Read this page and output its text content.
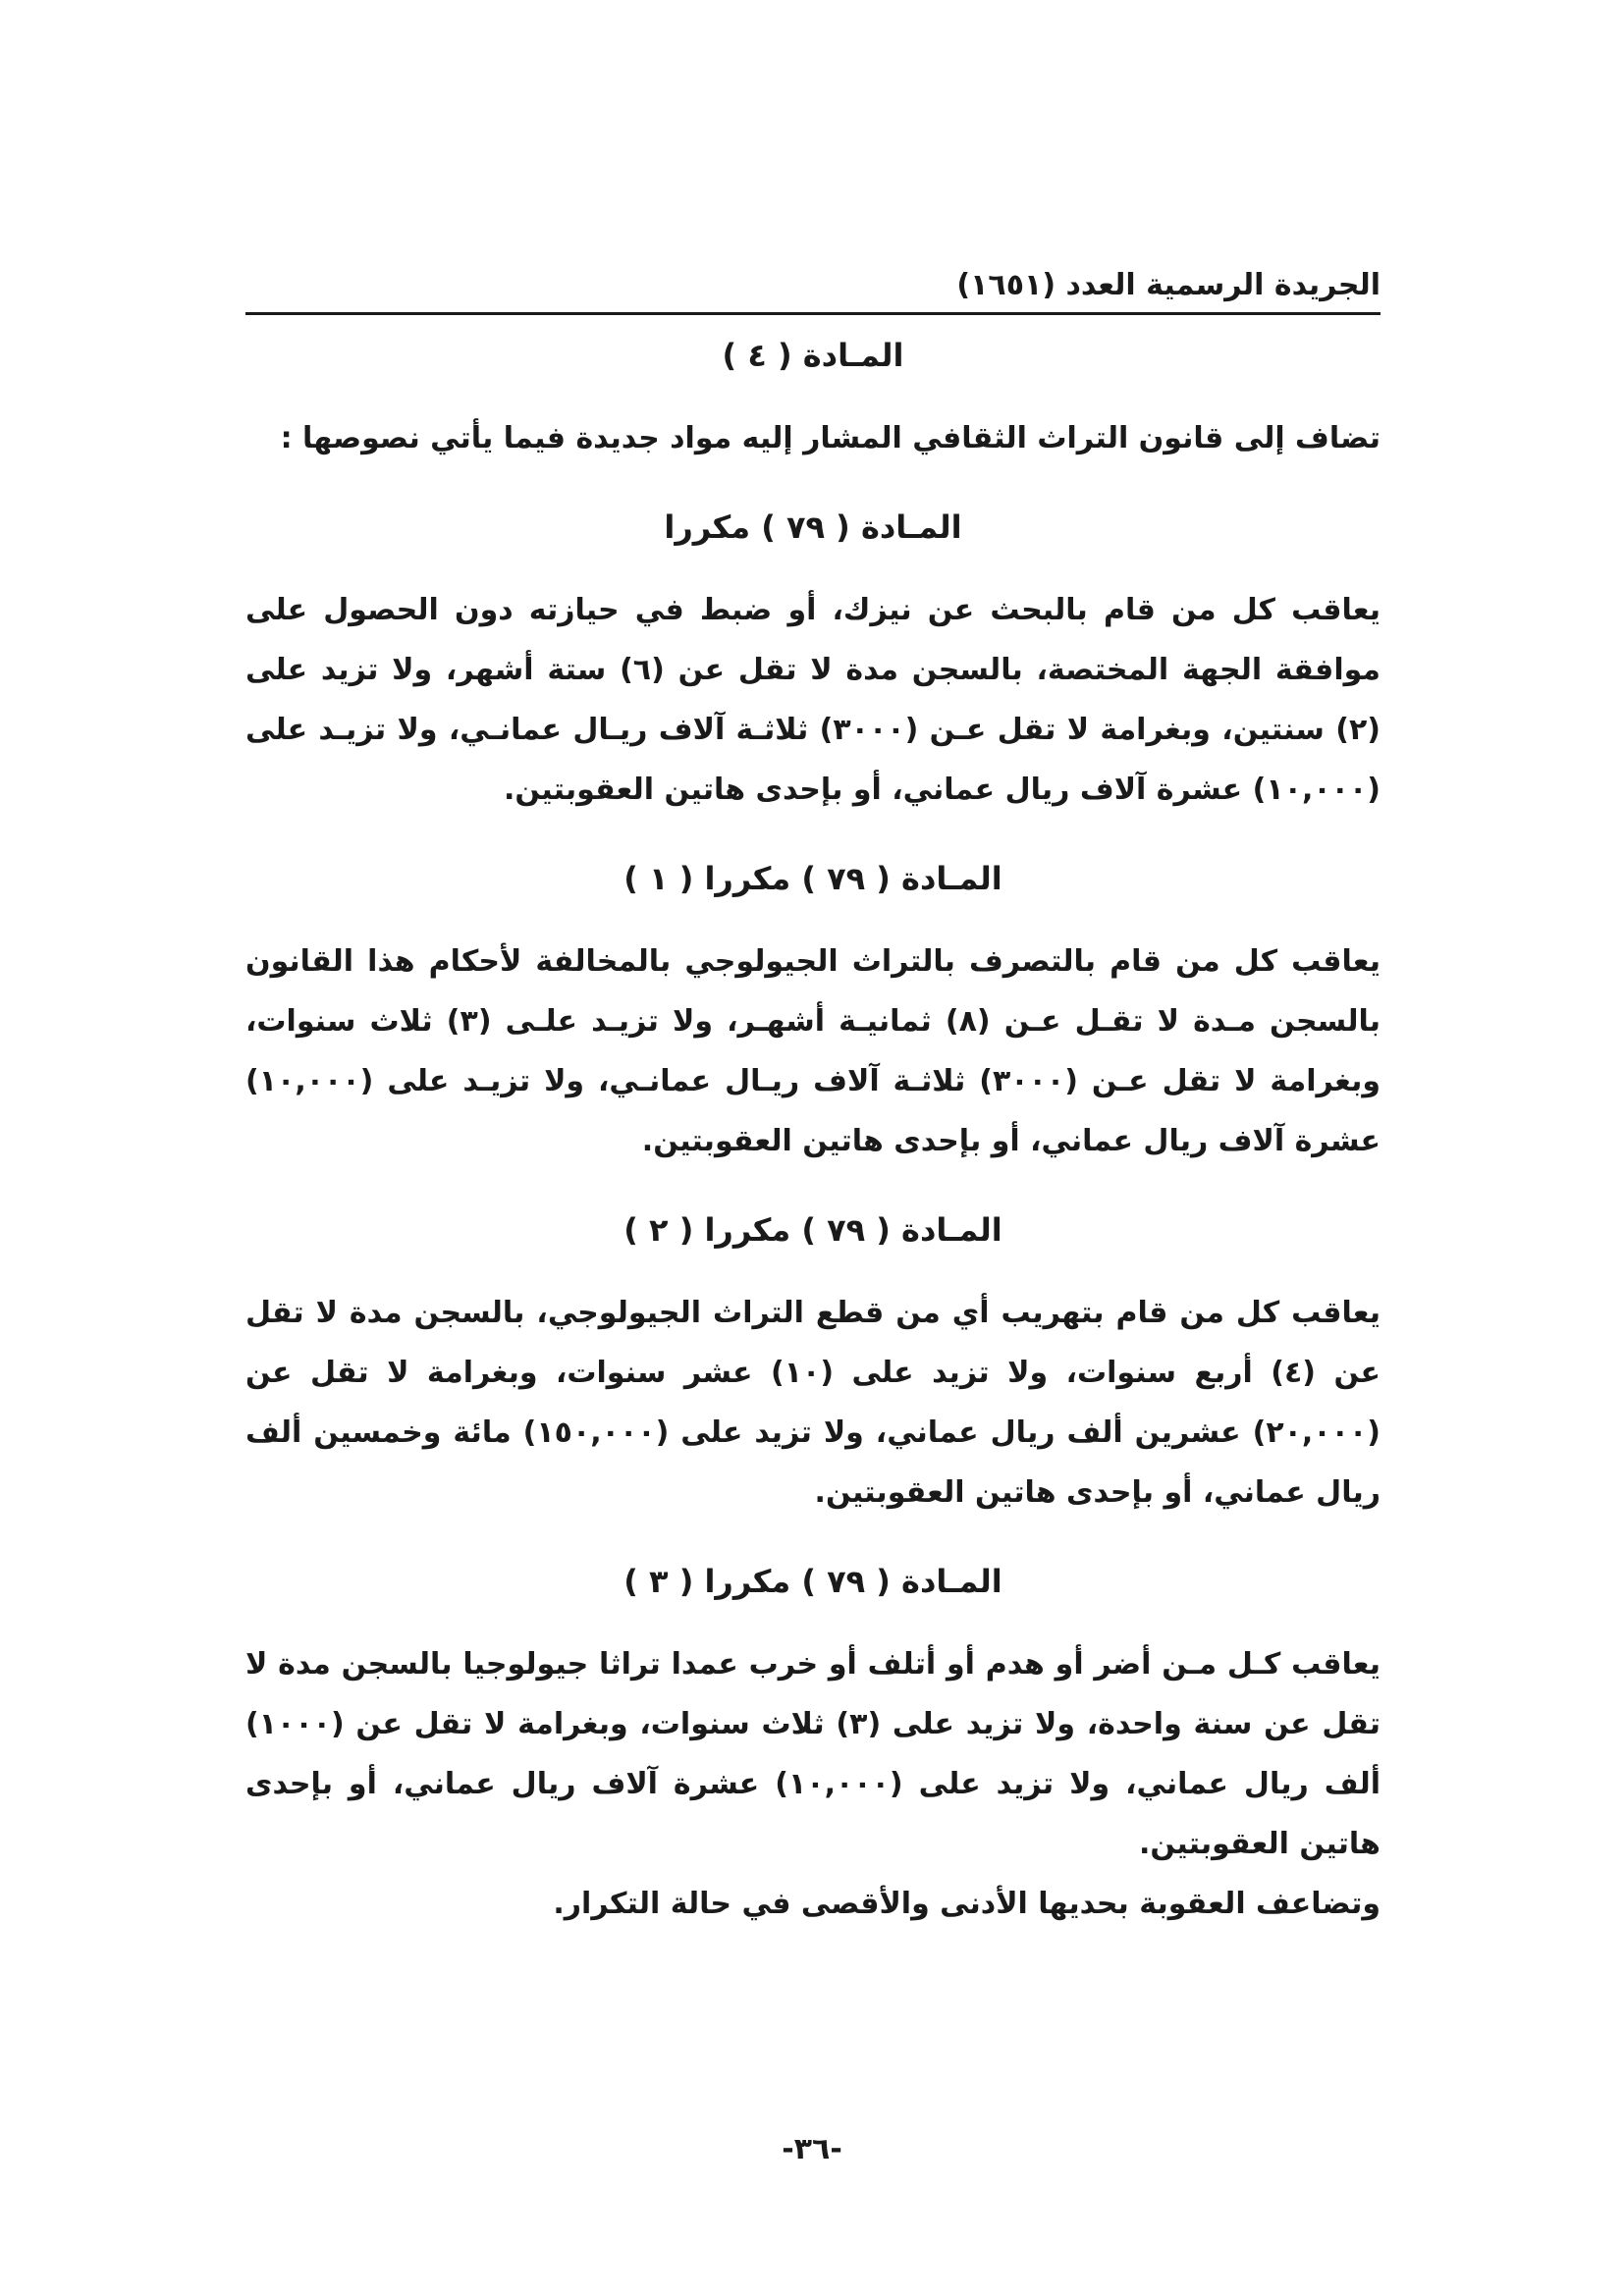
الجريدة الرسمية العدد (١٦٥١)
المـادة ( ٤ )

تضاف إلى قانون التراث الثقافي المشار إليه مواد جديدة فيما يأتي نصوصها :

المـادة ( ٧٩ ) مكررا

يعاقب كل من قام بالبحث عن نيزك، أو ضبط في حيازته دون الحصول على موافقة الجهة المختصة، بالسجن مدة لا تقل عن (٦) ستة أشهر، ولا تزيد على (٢) سنتين، وبغرامة لا تقل عـن (٣٠٠٠) ثلاثـة آلاف ريـال عمانـي، ولا تزيـد على (١٠,٠٠٠) عشرة آلاف ريال عماني، أو بإحدى هاتين العقوبتين.

المـادة ( ٧٩ ) مكررا ( ١ )

يعاقب كل من قام بالتصرف بالتراث الجيولوجي بالمخالفة لأحكام هذا القانون بالسجن مـدة لا تقـل عـن (٨) ثمانيـة أشهـر، ولا تزيـد علـى (٣) ثلاث سنوات، وبغرامة لا تقل عـن (٣٠٠٠) ثلاثـة آلاف ريـال عمانـي، ولا تزيـد على (١٠,٠٠٠) عشرة آلاف ريال عماني، أو بإحدى هاتين العقوبتين.

المـادة ( ٧٩ ) مكررا ( ٢ )

يعاقب كل من قام بتهريب أي من قطع التراث الجيولوجي، بالسجن مدة لا تقل عن (٤) أربع سنوات، ولا تزيد على (١٠) عشر سنوات، وبغرامة لا تقل عن (٢٠,٠٠٠) عشرين ألف ريال عماني، ولا تزيد على (١٥٠,٠٠٠) مائة وخمسين ألف ريال عماني، أو بإحدى هاتين العقوبتين.

المـادة ( ٧٩ ) مكررا ( ٣ )

يعاقب كـل مـن أضر أو هدم أو أتلف أو خرب عمدا تراثا جيولوجيا بالسجن مدة لا تقل عن سنة واحدة، ولا تزيد على (٣) ثلاث سنوات، وبغرامة لا تقل عن (١٠٠٠) ألف ريال عماني، ولا تزيد على (١٠,٠٠٠) عشرة آلاف ريال عماني، أو بإحدى هاتين العقوبتين.

وتضاعف العقوبة بحديها الأدنى والأقصى في حالة التكرار.

-٣٦-
